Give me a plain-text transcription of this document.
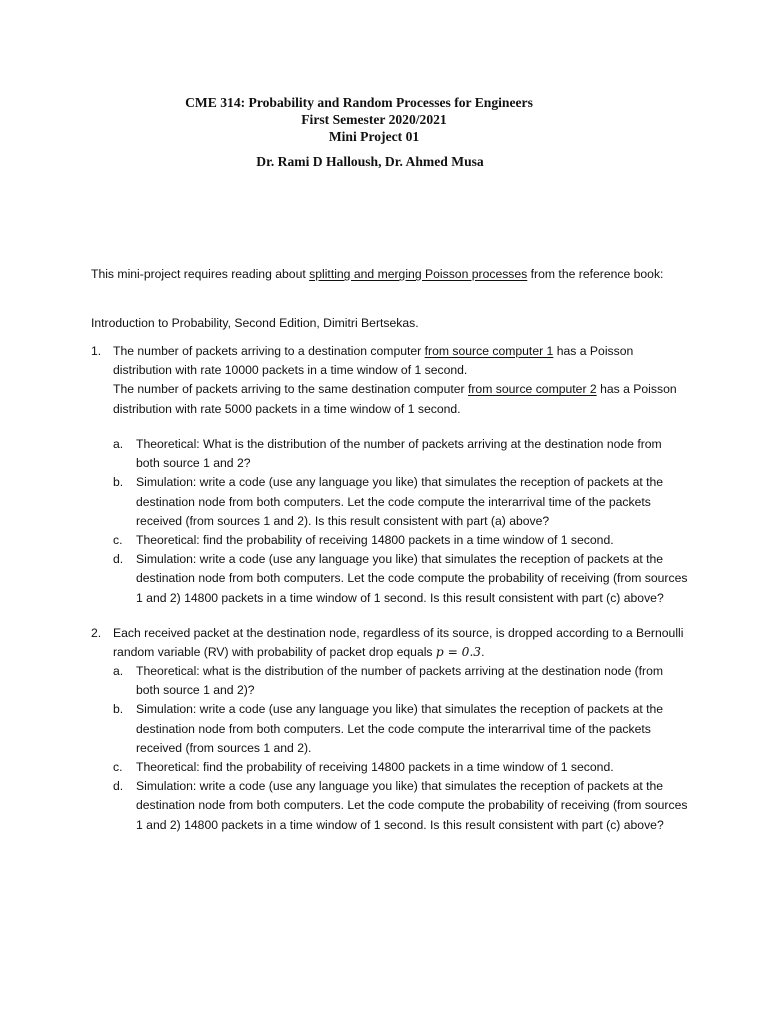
CME 314: Probability and Random Processes for Engineers
First Semester 2020/2021
Mini Project 01
Dr. Rami D Halloush, Dr. Ahmed Musa
This mini-project requires reading about splitting and merging Poisson processes from the reference book:
Introduction to Probability, Second Edition, Dimitri Bertsekas.
1. The number of packets arriving to a destination computer from source computer 1 has a Poisson distribution with rate 10000 packets in a time window of 1 second.
The number of packets arriving to the same destination computer from source computer 2 has a Poisson distribution with rate 5000 packets in a time window of 1 second.
a. Theoretical: What is the distribution of the number of packets arriving at the destination node from both source 1 and 2?
b. Simulation: write a code (use any language you like) that simulates the reception of packets at the destination node from both computers. Let the code compute the interarrival time of the packets received (from sources 1 and 2). Is this result consistent with part (a) above?
c. Theoretical: find the probability of receiving 14800 packets in a time window of 1 second.
d. Simulation: write a code (use any language you like) that simulates the reception of packets at the destination node from both computers. Let the code compute the probability of receiving (from sources 1 and 2) 14800 packets in a time window of 1 second. Is this result consistent with part (c) above?
2. Each received packet at the destination node, regardless of its source, is dropped according to a Bernoulli random variable (RV) with probability of packet drop equals p = 0.3.
a. Theoretical: what is the distribution of the number of packets arriving at the destination node (from both source 1 and 2)?
b. Simulation: write a code (use any language you like) that simulates the reception of packets at the destination node from both computers. Let the code compute the interarrival time of the packets received (from sources 1 and 2).
c. Theoretical: find the probability of receiving 14800 packets in a time window of 1 second.
d. Simulation: write a code (use any language you like) that simulates the reception of packets at the destination node from both computers. Let the code compute the probability of receiving (from sources 1 and 2) 14800 packets in a time window of 1 second. Is this result consistent with part (c) above?
